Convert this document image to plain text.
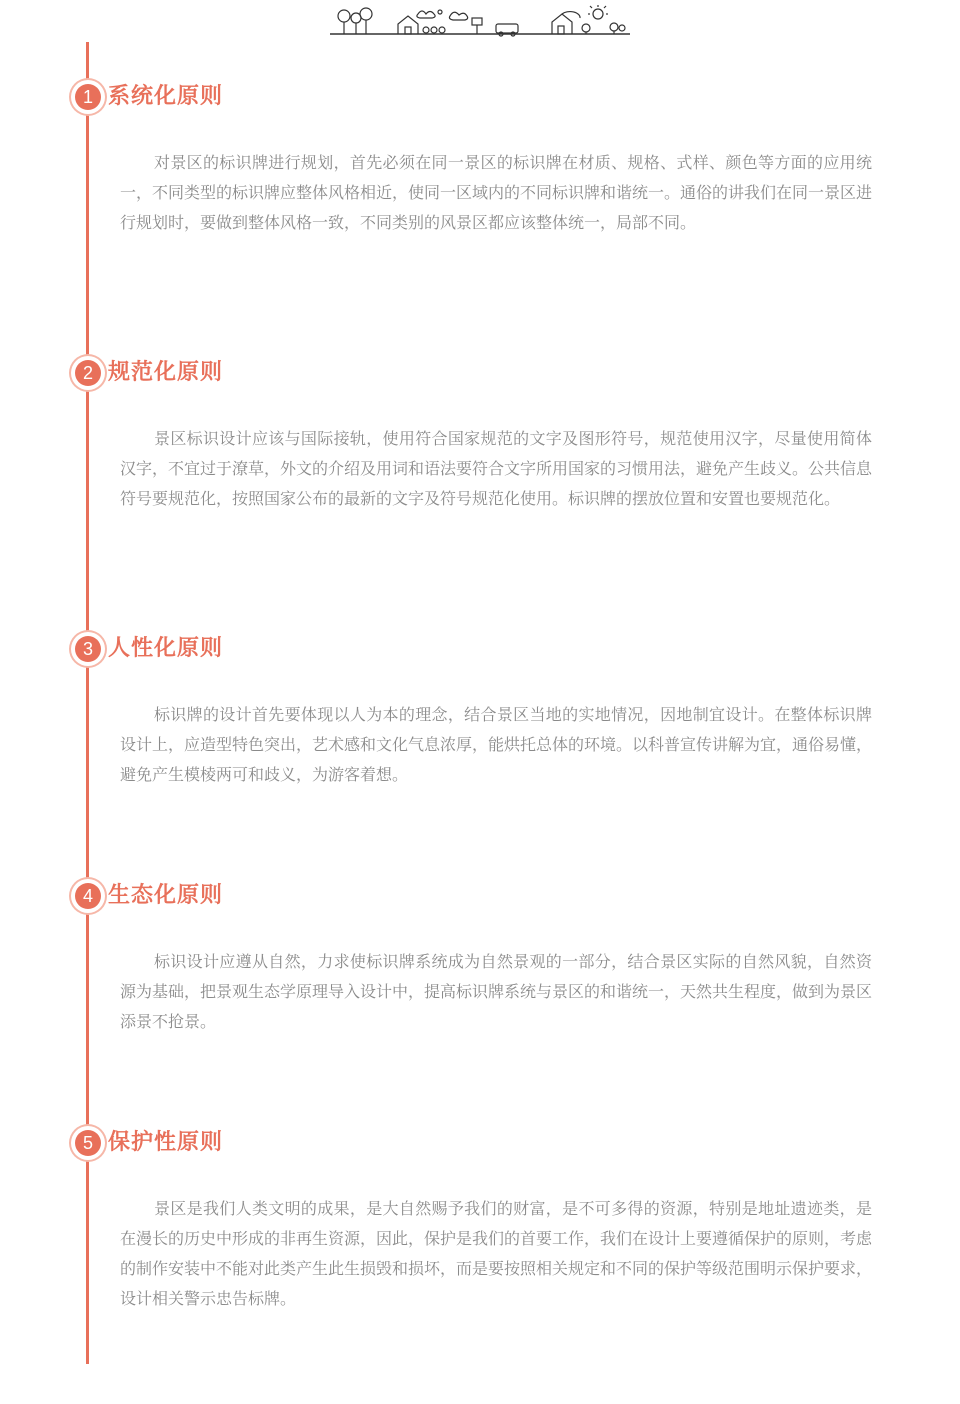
1 系统化原则

对景区的标识牌进行规划，首先必须在同一景区的标识牌在材质、规格、式样、颜色等方面的应用统一，不同类型的标识牌应整体风格相近，使同一区域内的不同标识牌和谐统一。通俗的讲我们在同一景区进行规划时，要做到整体风格一致，不同类别的风景区都应该整体统一，局部不同。

2 规范化原则

景区标识设计应该与国际接轨，使用符合国家规范的文字及图形符号，规范使用汉字，尽量使用简体汉字，不宜过于潦草，外文的介绍及用词和语法要符合文字所用国家的习惯用法，避免产生歧义。公共信息符号要规范化，按照国家公布的最新的文字及符号规范化使用。标识牌的摆放位置和安置也要规范化。

3 人性化原则

标识牌的设计首先要体现以人为本的理念，结合景区当地的实地情况，因地制宜设计。在整体标识牌设计上，应造型特色突出，艺术感和文化气息浓厚，能烘托总体的环境。以科普宣传讲解为宜，通俗易懂，避免产生模棱两可和歧义，为游客着想。

4 生态化原则

标识设计应遵从自然，力求使标识牌系统成为自然景观的一部分，结合景区实际的自然风貌，自然资源为基础，把景观生态学原理导入设计中，提高标识牌系统与景区的和谐统一，天然共生程度，做到为景区添景不抢景。

5 保护性原则

景区是我们人类文明的成果，是大自然赐予我们的财富，是不可多得的资源，特别是地址遗迹类，是在漫长的历史中形成的非再生资源，因此，保护是我们的首要工作，我们在设计上要遵循保护的原则，考虑的制作安装中不能对此类产生此生损毁和损坏，而是要按照相关规定和不同的保护等级范围明示保护要求，设计相关警示忠告标牌。
